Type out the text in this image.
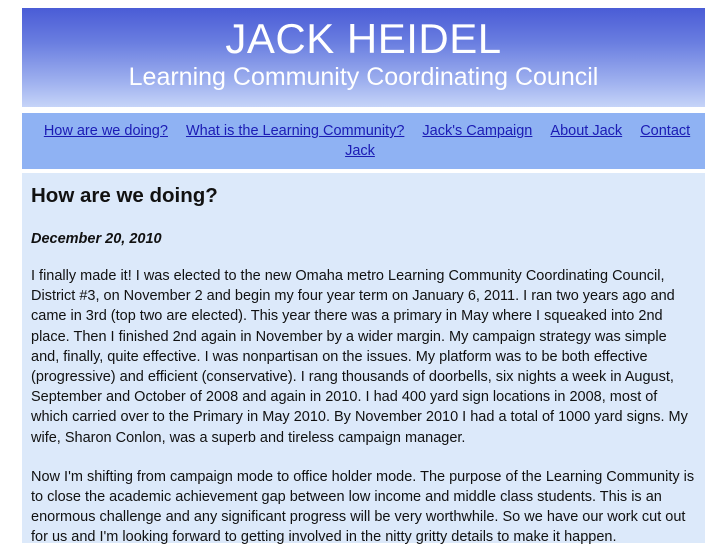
JACK HEIDEL
Learning Community Coordinating Council
How are we doing? What is the Learning Community? Jack's Campaign About Jack Contact Jack
How are we doing?
December 20, 2010

I finally made it! I was elected to the new Omaha metro Learning Community Coordinating Council, District #3, on November 2 and begin my four year term on January 6, 2011. I ran two years ago and came in 3rd (top two are elected). This year there was a primary in May where I squeaked into 2nd place. Then I finished 2nd again in November by a wider margin. My campaign strategy was simple and, finally, quite effective. I was nonpartisan on the issues. My platform was to be both effective (progressive) and efficient (conservative). I rang thousands of doorbells, six nights a week in August, September and October of 2008 and again in 2010. I had 400 yard sign locations in 2008, most of which carried over to the Primary in May 2010. By November 2010 I had a total of 1000 yard signs. My wife, Sharon Conlon, was a superb and tireless campaign manager.

Now I'm shifting from campaign mode to office holder mode. The purpose of the Learning Community is to close the academic achievement gap between low income and middle class students. This is an enormous challenge and any significant progress will be very worthwhile. So we have our work cut out for us and I'm looking forward to getting involved in the nitty gritty details to make it happen.
